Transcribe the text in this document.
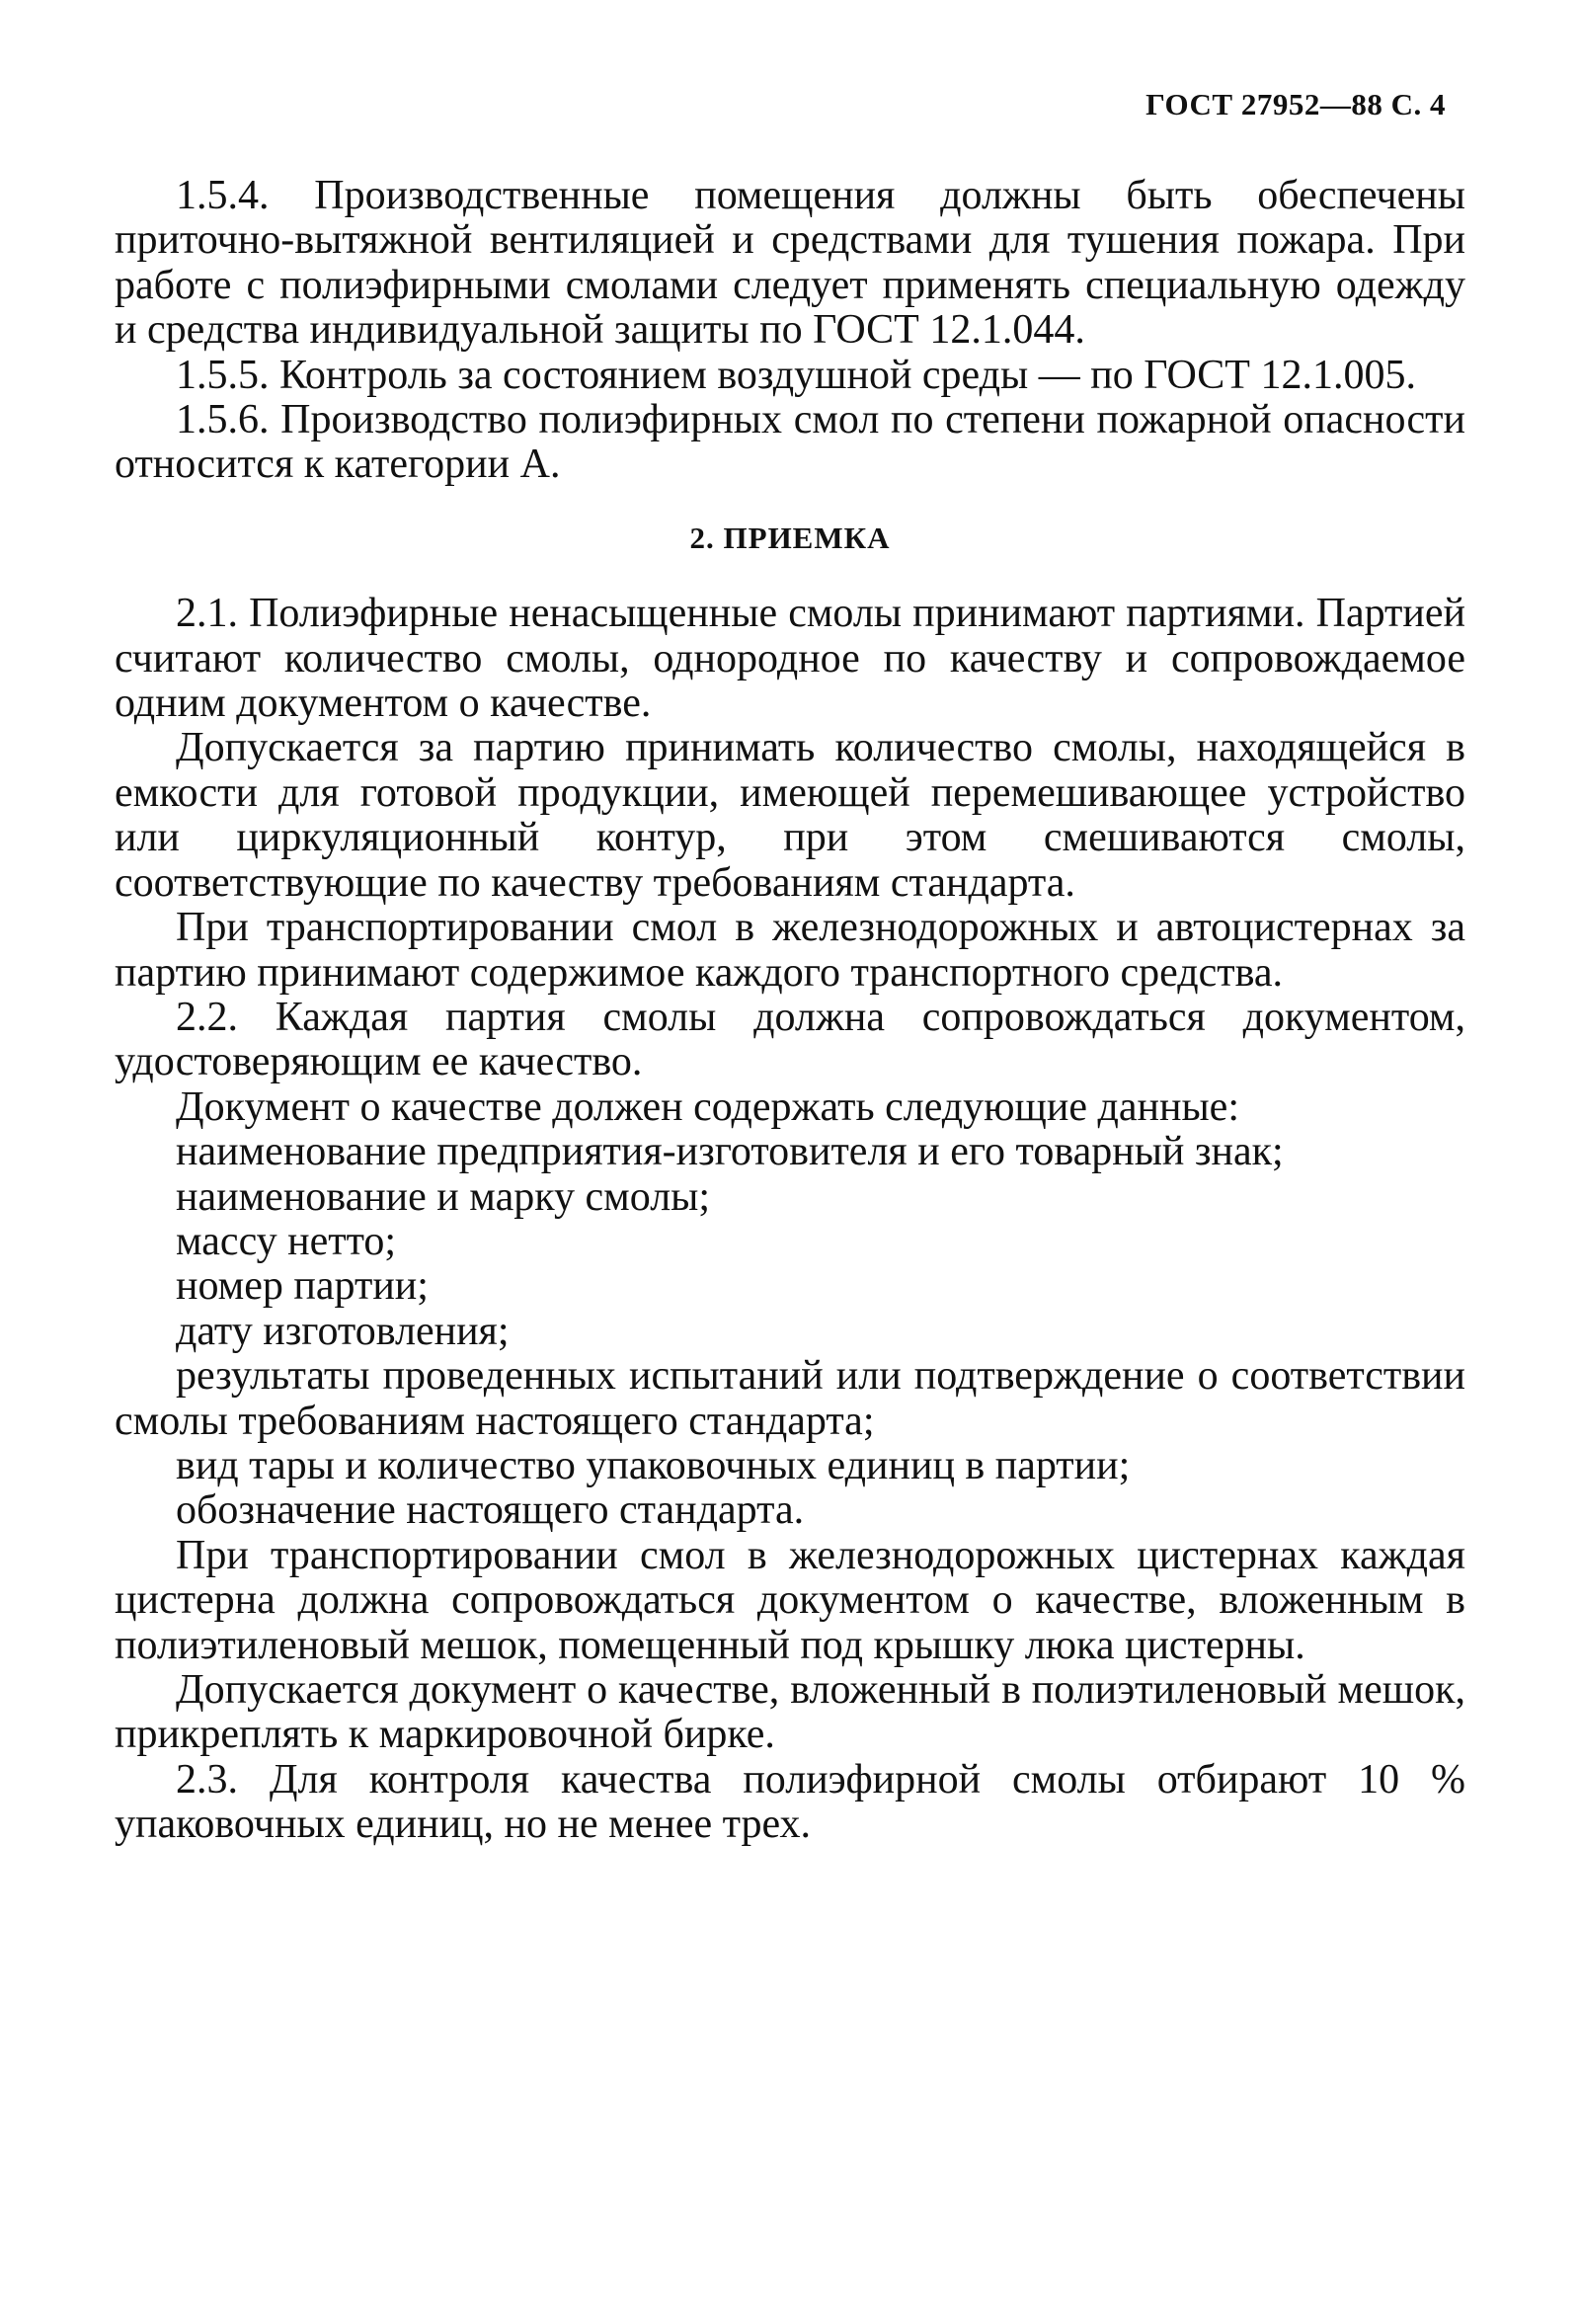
ГОСТ 27952—88 С. 4

1.5.4. Производственные помещения должны быть обеспечены приточно-вытяжной вентиляцией и средствами для тушения пожара. При работе с полиэфирными смолами следует применять специальную одежду и средства индивидуальной защиты по ГОСТ 12.1.044.

1.5.5. Контроль за состоянием воздушной среды — по ГОСТ 12.1.005.

1.5.6. Производство полиэфирных смол по степени пожарной опасности относится к категории А.

2. ПРИЕМКА

2.1. Полиэфирные ненасыщенные смолы принимают партиями. Партией считают количество смолы, однородное по качеству и сопровождаемое одним документом о качестве.

Допускается за партию принимать количество смолы, находящейся в емкости для готовой продукции, имеющей перемешивающее устройство или циркуляционный контур, при этом смешиваются смолы, соответствующие по качеству требованиям стандарта.

При транспортировании смол в железнодорожных и автоцистернах за партию принимают содержимое каждого транспортного средства.

2.2. Каждая партия смолы должна сопровождаться документом, удостоверяющим ее качество.

Документ о качестве должен содержать следующие данные:

наименование предприятия-изготовителя и его товарный знак;

наименование и марку смолы;

массу нетто;

номер партии;

дату изготовления;

результаты проведенных испытаний или подтверждение о соответствии смолы требованиям настоящего стандарта;

вид тары и количество упаковочных единиц в партии;

обозначение настоящего стандарта.

При транспортировании смол в железнодорожных цистернах каждая цистерна должна сопровождаться документом о качестве, вложенным в полиэтиленовый мешок, помещенный под крышку люка цистерны.

Допускается документ о качестве, вложенный в полиэтиленовый мешок, прикреплять к маркировочной бирке.

2.3. Для контроля качества полиэфирной смолы отбирают 10 % упаковочных единиц, но не менее трех.
